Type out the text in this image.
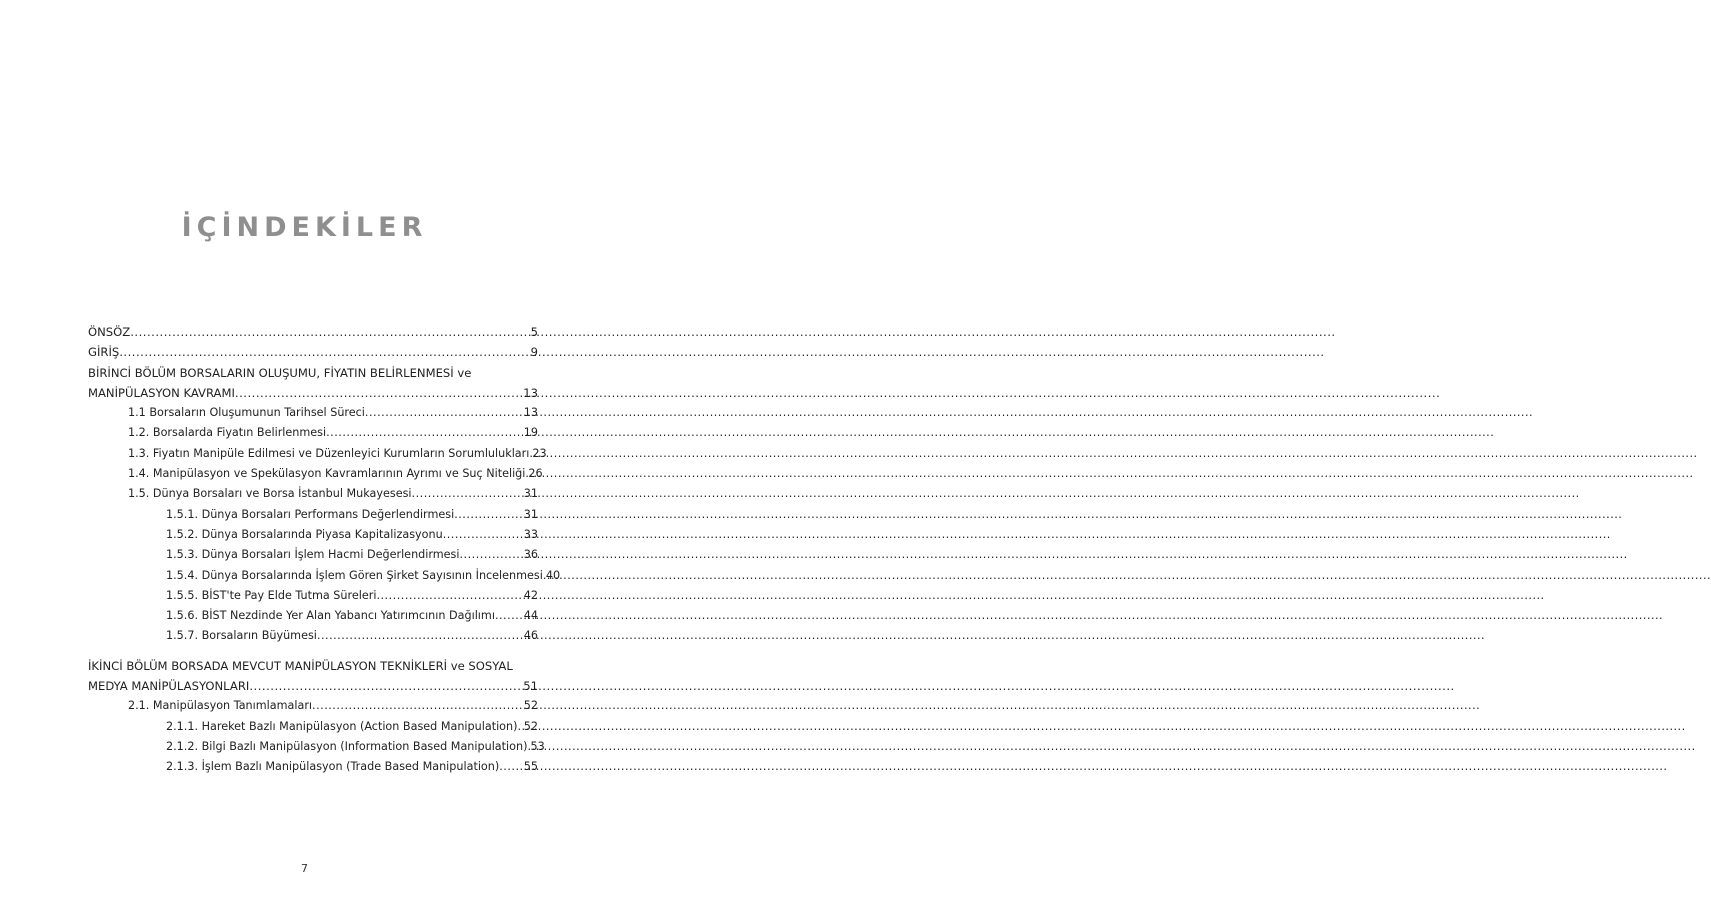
İÇİNDEKİLER
ÖNSÖZ .....	5
GİRİŞ .....	9
BİRİNCİ BÖLÜM BORSALARIN OLUŞUMU, FİYATIN BELİRLENMESİ ve
MANİPÜLASYON KAVRAMI .....	13
1.1 Borsaların Oluşumunun Tarihsel Süreci .....	13
1.2. Borsalarda Fiyatın Belirlenmesi .....	19
1.3. Fiyatın Manipüle Edilmesi ve Düzenleyici Kurumların Sorumlulukları 23
1.4. Manipülasyon ve Spekülasyon Kavramlarının Ayrımı ve Suç Niteliği 26
1.5. Dünya Borsaları ve Borsa İstanbul Mukayesesi .....	31
1.5.1. Dünya Borsaları Performans Değerlendirmesi .....	31
1.5.2. Dünya Borsalarında Piyasa Kapitalizasyonu .....	33
1.5.3. Dünya Borsaları İşlem Hacmi Değerlendirmesi .....	36
1.5.4. Dünya Borsalarında İşlem Gören Şirket Sayısının İncelenmesi 40
1.5.5. BİST'te Pay Elde Tutma Süreleri .....	42
1.5.6. BİST Nezdinde Yer Alan Yabancı Yatırımcının Dağılımı .....	44
1.5.7. Borsaların Büyümesi .....	46
İKİNCİ BÖLÜM BORSADA MEVCUT MANİPÜLASYON TEKNİKLERİ ve SOSYAL
MEDYA MANİPÜLASYONLARI .....	51
2.1. Manipülasyon Tanımlamaları .....	52
2.1.1. Hareket Bazlı Manipülasyon (Action Based Manipulation) ..... 52
2.1.2. Bilgi Bazlı Manipülasyon (Information Based Manipulation) 53
2.1.3. İşlem Bazlı Manipülasyon (Trade Based Manipulation) ..... 55
7
